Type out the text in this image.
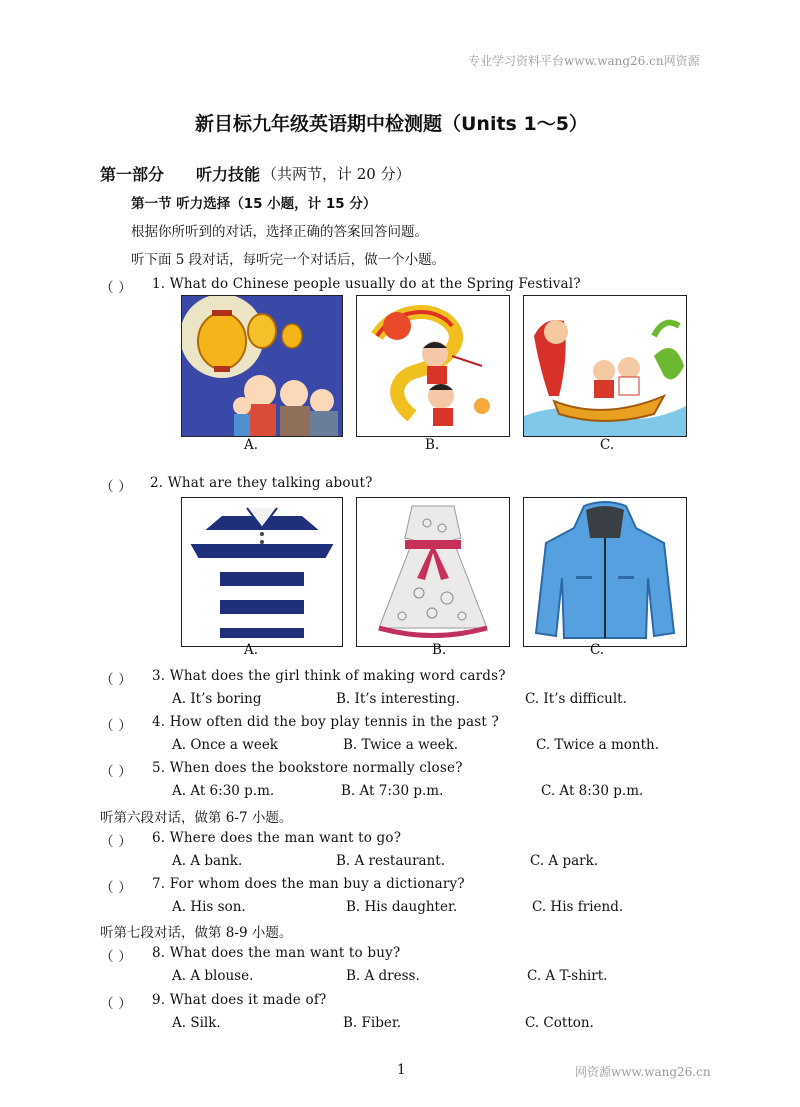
专业学习资料平台www.wang26.cn网资源
网资源www.wang26.cn
新目标九年级英语期中检测题（Units 1～5）
第一部分 听力技能 （共两节，计 20 分）
第一节 听力选择（15 小题，计 15 分）
根据你所听到的对话，选择正确的答案回答问题。
听下面 5 段对话，每听完一个对话后，做一个小题。
（ ） 1. What do Chinese people usually do at the Spring Festival?
A.	B.	C.
（ ） 2. What are they talking about?
A.	B.	C.
（ ） 3. What does the girl think of making word cards?
A. It’s boring	B. It’s interesting.	C. It’s difficult.
（ ） 4. How often did the boy play tennis in the past ?
A. Once a week	B. Twice a week.	C. Twice a month.
（ ） 5. When does the bookstore normally close?
A. At 6:30 p.m.	B. At 7:30 p.m.	C. At 8:30 p.m.
听第六段对话，做第 6-7 小题。
（ ） 6. Where does the man want to go?
A. A bank.	B. A restaurant.	C. A park.
（ ） 7. For whom does the man buy a dictionary?
A. His son.	B. His daughter.	C. His friend.
听第七段对话，做第 8-9 小题。
（ ） 8. What does the man want to buy?
A. A blouse.	B. A dress.	C. A T-shirt.
（ ） 9. What does it made of?
A. Silk.	B. Fiber.	C. Cotton.
1
